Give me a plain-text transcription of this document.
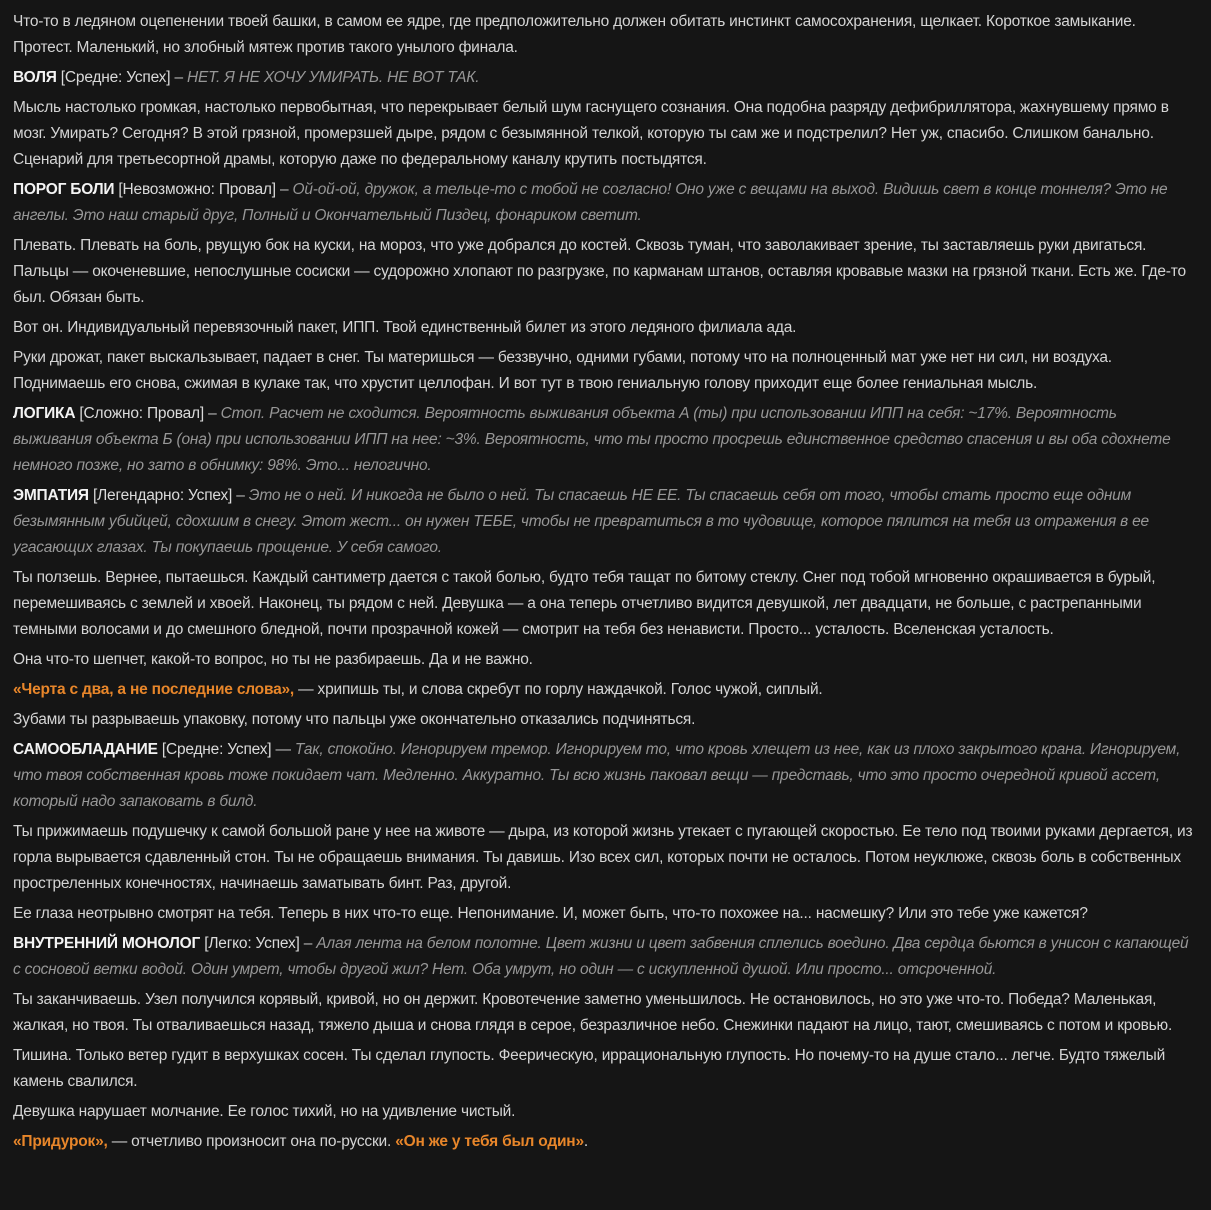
Что-то в ледяном оцепенении твоей башки, в самом ее ядре, где предположительно должен обитать инстинкт самосохранения, щелкает. Короткое замыкание. Протест. Маленький, но злобный мятеж против такого унылого финала.

ВОЛЯ [Средне: Успех] – НЕТ. Я НЕ ХОЧУ УМИРАТЬ. НЕ ВОТ ТАК.

Мысль настолько громкая, настолько первобытная, что перекрывает белый шум гаснущего сознания. Она подобна разряду дефибриллятора, жахнувшему прямо в мозг. Умирать? Сегодня? В этой грязной, промерзшей дыре, рядом с безымянной телкой, которую ты сам же и подстрелил? Нет уж, спасибо. Слишком банально. Сценарий для третьесортной драмы, которую даже по федеральному каналу крутить постыдятся.

ПОРОГ БОЛИ [Невозможно: Провал] – Ой-ой-ой, дружок, а тельце-то с тобой не согласно! Оно уже с вещами на выход. Видишь свет в конце тоннеля? Это не ангелы. Это наш старый друг, Полный и Окончательный Пиздец, фонариком светит.

Плевать. Плевать на боль, рвущую бок на куски, на мороз, что уже добрался до костей. Сквозь туман, что заволакивает зрение, ты заставляешь руки двигаться. Пальцы — окоченевшие, непослушные сосиски — судорожно хлопают по разгрузке, по карманам штанов, оставляя кровавые мазки на грязной ткани. Есть же. Где-то был. Обязан быть.

Вот он. Индивидуальный перевязочный пакет, ИПП. Твой единственный билет из этого ледяного филиала ада.

Руки дрожат, пакет выскальзывает, падает в снег. Ты материшься — беззвучно, одними губами, потому что на полноценный мат уже нет ни сил, ни воздуха. Поднимаешь его снова, сжимая в кулаке так, что хрустит целлофан. И вот тут в твою гениальную голову приходит еще более гениальная мысль.

ЛОГИКА [Сложно: Провал] – Стоп. Расчет не сходится. Вероятность выживания объекта А (ты) при использовании ИПП на себя: ~17%. Вероятность выживания объекта Б (она) при использовании ИПП на нее: ~3%. Вероятность, что ты просто просрешь единственное средство спасения и вы оба сдохнете немного позже, но зато в обнимку: 98%. Это... нелогично.

ЭМПАТИЯ [Легендарно: Успех] – Это не о ней. И никогда не было о ней. Ты спасаешь НЕ ЕЕ. Ты спасаешь себя от того, чтобы стать просто еще одним безымянным убийцей, сдохшим в снегу. Этот жест... он нужен ТЕБЕ, чтобы не превратиться в то чудовище, которое пялится на тебя из отражения в ее угасающих глазах. Ты покупаешь прощение. У себя самого.

Ты ползешь. Вернее, пытаешься. Каждый сантиметр дается с такой болью, будто тебя тащат по битому стеклу. Снег под тобой мгновенно окрашивается в бурый, перемешиваясь с землей и хвоей. Наконец, ты рядом с ней. Девушка — а она теперь отчетливо видится девушкой, лет двадцати, не больше, с растрепанными темными волосами и до смешного бледной, почти прозрачной кожей — смотрит на тебя без ненависти. Просто... усталость. Вселенская усталость.

Она что-то шепчет, какой-то вопрос, но ты не разбираешь. Да и не важно.

«Черта с два, а не последние слова», — хрипишь ты, и слова скребут по горлу наждачкой. Голос чужой, сиплый.

Зубами ты разрываешь упаковку, потому что пальцы уже окончательно отказались подчиняться.

САМООБЛАДАНИЕ [Средне: Успех] — Так, спокойно. Игнорируем тремор. Игнорируем то, что кровь хлещет из нее, как из плохо закрытого крана. Игнорируем, что твоя собственная кровь тоже покидает чат. Медленно. Аккуратно. Ты всю жизнь паковал вещи — представь, что это просто очередной кривой ассет, который надо запаковать в билд.

Ты прижимаешь подушечку к самой большой ране у нее на животе — дыра, из которой жизнь утекает с пугающей скоростью. Ее тело под твоими руками дергается, из горла вырывается сдавленный стон. Ты не обращаешь внимания. Ты давишь. Изо всех сил, которых почти не осталось. Потом неуклюже, сквозь боль в собственных простреленных конечностях, начинаешь заматывать бинт. Раз, другой.

Ее глаза неотрывно смотрят на тебя. Теперь в них что-то еще. Непонимание. И, может быть, что-то похожее на... насмешку? Или это тебе уже кажется?

ВНУТРЕННИЙ МОНОЛОГ [Легко: Успех] – Алая лента на белом полотне. Цвет жизни и цвет забвения сплелись воедино. Два сердца бьются в унисон с капающей с сосновой ветки водой. Один умрет, чтобы другой жил? Нет. Оба умрут, но один — с искупленной душой. Или просто... отсроченной.

Ты заканчиваешь. Узел получился корявый, кривой, но он держит. Кровотечение заметно уменьшилось. Не остановилось, но это уже что-то. Победа? Маленькая, жалкая, но твоя. Ты отваливаешься назад, тяжело дыша и снова глядя в серое, безразличное небо. Снежинки падают на лицо, тают, смешиваясь с потом и кровью.

Тишина. Только ветер гудит в верхушках сосен. Ты сделал глупость. Феерическую, иррациональную глупость. Но почему-то на душе стало... легче. Будто тяжелый камень свалился.

Девушка нарушает молчание. Ее голос тихий, но на удивление чистый.

«Придурок», — отчетливо произносит она по-русски. «Он же у тебя был один».
